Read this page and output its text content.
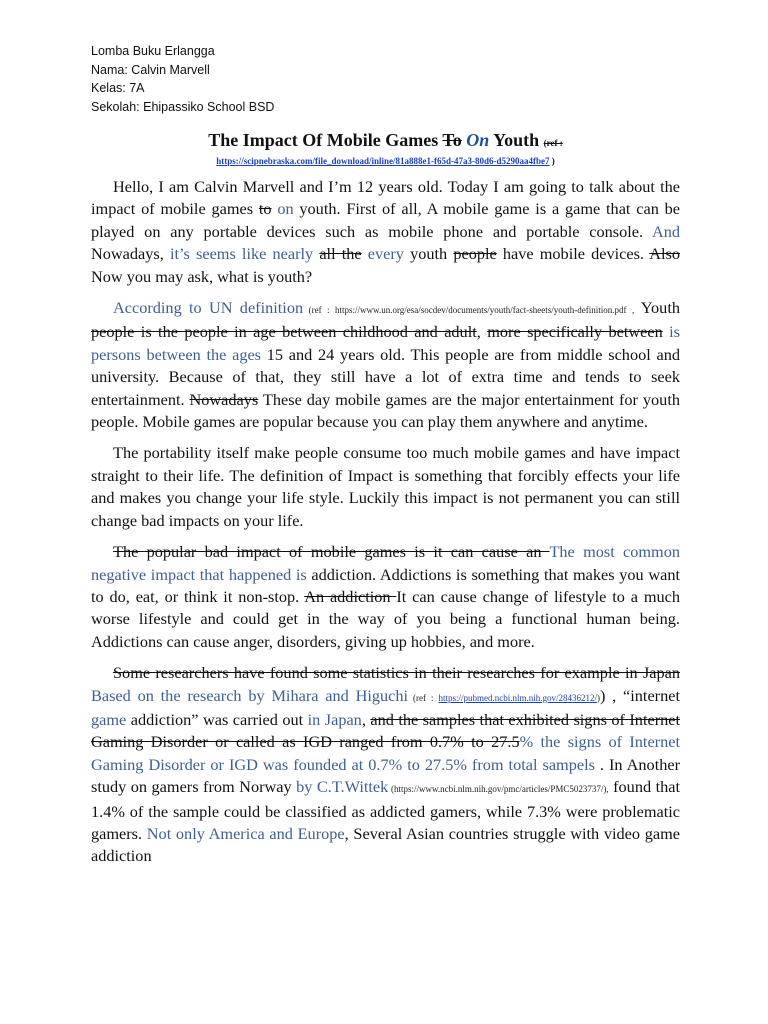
Lomba Buku Erlangga
Nama: Calvin Marvell
Kelas: 7A
Sekolah: Ehipassiko School BSD
The Impact Of Mobile Games To On Youth (ref :
https://scipnebraska.com/file_download/inline/81a888e1-f65d-47a3-80d6-d5290aa4fbe7 )

Hello, I am Calvin Marvell and I’m 12 years old. Today I am going to talk about the impact of mobile games to on youth. First of all, A mobile game is a game that can be played on any portable devices such as mobile phone and portable console. And Nowadays, it’s seems like nearly all the every youth people have mobile devices. Also Now you may ask, what is youth?

According to UN definition (ref : https://www.un.org/esa/socdev/documents/youth/fact-sheets/youth-definition.pdf , Youth people is the people in age between childhood and adult, more specifically between is persons between the ages 15 and 24 years old. This people are from middle school and university. Because of that, they still have a lot of extra time and tends to seek entertainment. Nowadays These day mobile games are the major entertainment for youth people. Mobile games are popular because you can play them anywhere and anytime.

The portability itself make people consume too much mobile games and have impact straight to their life. The definition of Impact is something that forcibly effects your life and makes you change your life style. Luckily this impact is not permanent you can still change bad impacts on your life.

The popular bad impact of mobile games is it can cause an The most common negative impact that happened is addiction. Addictions is something that makes you want to do, eat, or think it non-stop. An addiction It can cause change of lifestyle to a much worse lifestyle and could get in the way of you being a functional human being. Addictions can cause anger, disorders, giving up hobbies, and more.

Some researchers have found some statistics in their researches for example in Japan Based on the research by Mihara and Higuchi (ref : https://pubmed.ncbi.nlm.nih.gov/28436212/)) , “internet game addiction” was carried out in Japan, and the samples that exhibited signs of Internet Gaming Disorder or called as IGD ranged from 0.7% to 27.5% the signs of Internet Gaming Disorder or IGD was founded at 0.7% to 27.5% from total sampels . In Another study on gamers from Norway by C.T.Wittek (https://www.ncbi.nlm.nih.gov/pmc/articles/PMC5023737/), found that 1.4% of the sample could be classified as addicted gamers, while 7.3% were problematic gamers. Not only America and Europe, Several Asian countries struggle with video game addiction
